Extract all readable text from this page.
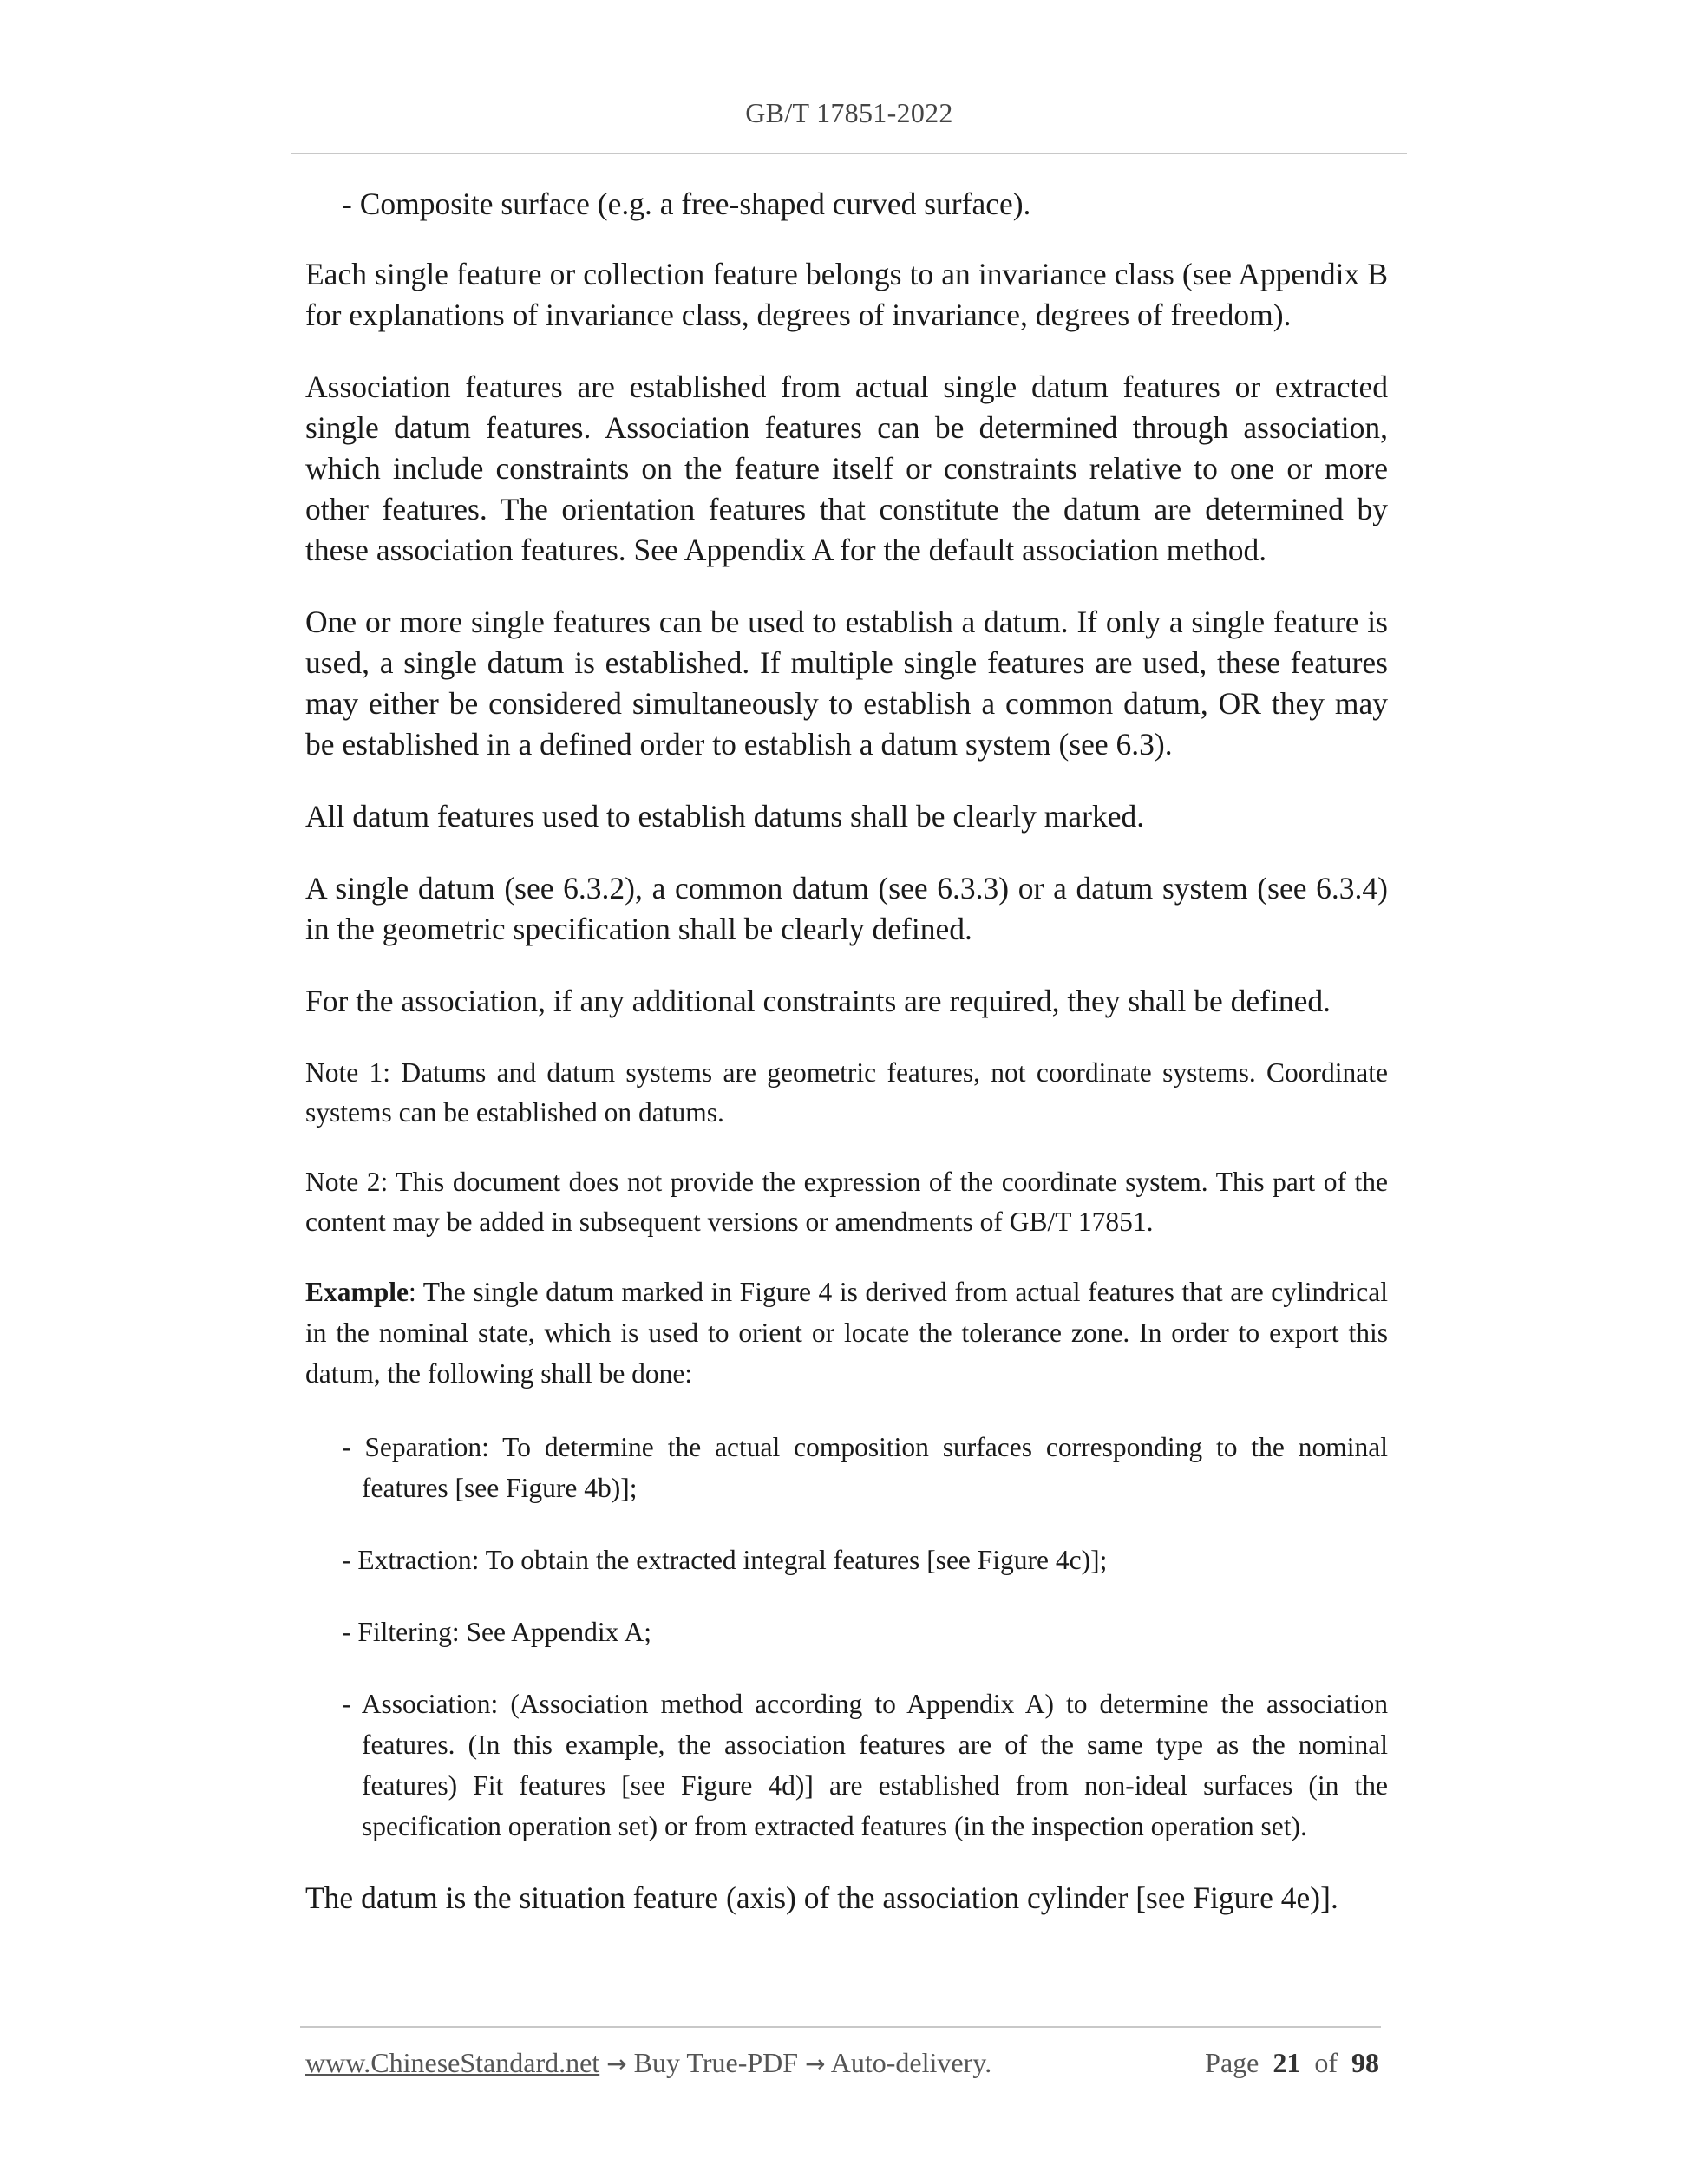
GB/T 17851-2022
- Composite surface (e.g. a free-shaped curved surface).

Each single feature or collection feature belongs to an invariance class (see Appendix B for explanations of invariance class, degrees of invariance, degrees of freedom).

Association features are established from actual single datum features or extracted single datum features. Association features can be determined through association, which include constraints on the feature itself or constraints relative to one or more other features. The orientation features that constitute the datum are determined by these association features. See Appendix A for the default association method.

One or more single features can be used to establish a datum. If only a single feature is used, a single datum is established. If multiple single features are used, these features may either be considered simultaneously to establish a common datum, OR they may be established in a defined order to establish a datum system (see 6.3).

All datum features used to establish datums shall be clearly marked.

A single datum (see 6.3.2), a common datum (see 6.3.3) or a datum system (see 6.3.4) in the geometric specification shall be clearly defined.

For the association, if any additional constraints are required, they shall be defined.

Note 1: Datums and datum systems are geometric features, not coordinate systems. Coordinate systems can be established on datums.

Note 2: This document does not provide the expression of the coordinate system. This part of the content may be added in subsequent versions or amendments of GB/T 17851.

Example: The single datum marked in Figure 4 is derived from actual features that are cylindrical in the nominal state, which is used to orient or locate the tolerance zone. In order to export this datum, the following shall be done:

- Separation: To determine the actual composition surfaces corresponding to the nominal features [see Figure 4b)];
- Extraction: To obtain the extracted integral features [see Figure 4c)];
- Filtering: See Appendix A;
- Association: (Association method according to Appendix A) to determine the association features. (In this example, the association features are of the same type as the nominal features) Fit features [see Figure 4d)] are established from non-ideal surfaces (in the specification operation set) or from extracted features (in the inspection operation set).

The datum is the situation feature (axis) of the association cylinder [see Figure 4e)].

www.ChineseStandard.net → Buy True-PDF → Auto-delivery.	Page 21 of 98
